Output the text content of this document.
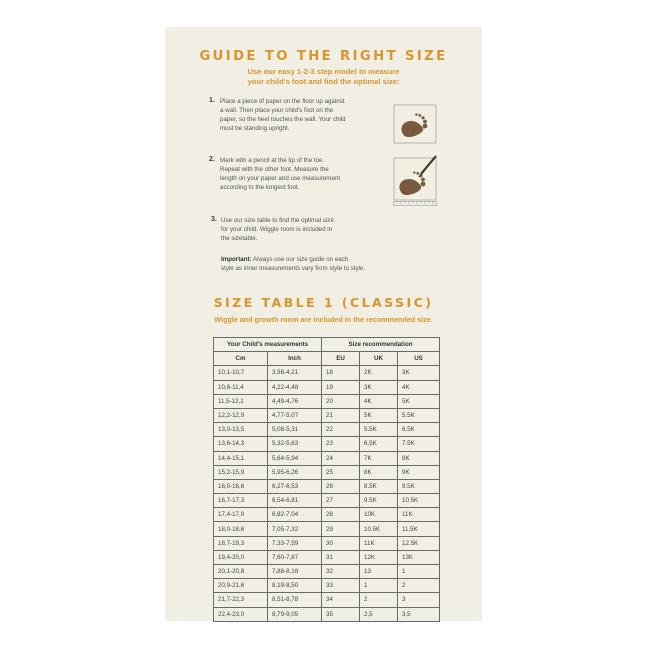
GUIDE TO THE RIGHT SIZE
Use our easy 1-2-3 step model to measure
your child's foot and find the optimal size:
1. Place a piece of paper on the floor up against
a wall. Then place your child's foot on the
paper, so the heel touches the wall. Your child
must be standing upright.
2. Mark with a pencil at the tip of the toe.
Repeat with the other foot. Measure the
length on your paper and use measurement
according to the longest foot.
3. Use our size table to find the optimal size
for your child. Wiggle room is included in
the sizetable.
Important: Always use our size guide on each
style as inner measurements vary from style to style.
SIZE TABLE 1 (CLASSIC)
Wiggle and growth room are included in the recommended size.
Your Child's measurements		Size recommendation		
Cm	Inch	EU	UK	US
10,1-10,7	3,98-4,21	18	2K	3K
10,8-11,4	4,22-4,48	19	3K	4K
11,5-12,1	4,49-4,76	20	4K	5K
12,2-12,9	4,77-5,07	21	5K	5.5K
13,0-13,5	5,08-5,31	22	5.5K	6.5K
13,6-14,3	5,32-5,63	23	6.5K	7.5K
14,4-15,1	5,64-5,94	24	7K	8K
15,2-15,9	5,95-6,26	25	8K	9K
16,0-16,6	6,27-6,53	26	8.5K	9.5K
16,7-17,3	6,54-6,81	27	9.5K	10.5K
17,4-17,9	6,82-7,04	28	10K	11K
18,0-18,6	7,05-7,32	29	10.5K	11.5K
18,7-19,3	7,33-7,59	30	11K	12.5K
19,4-20,0	7,60-7,87	31	12K	13K
20,1-20,8	7,88-8,18	32	13	1
20,9-21,6	8,19-8,50	33	1	2
21,7-22,3	8,51-8,78	34	2	3
22,4-23,0	8,79-9,05	35	2,5	3,5
